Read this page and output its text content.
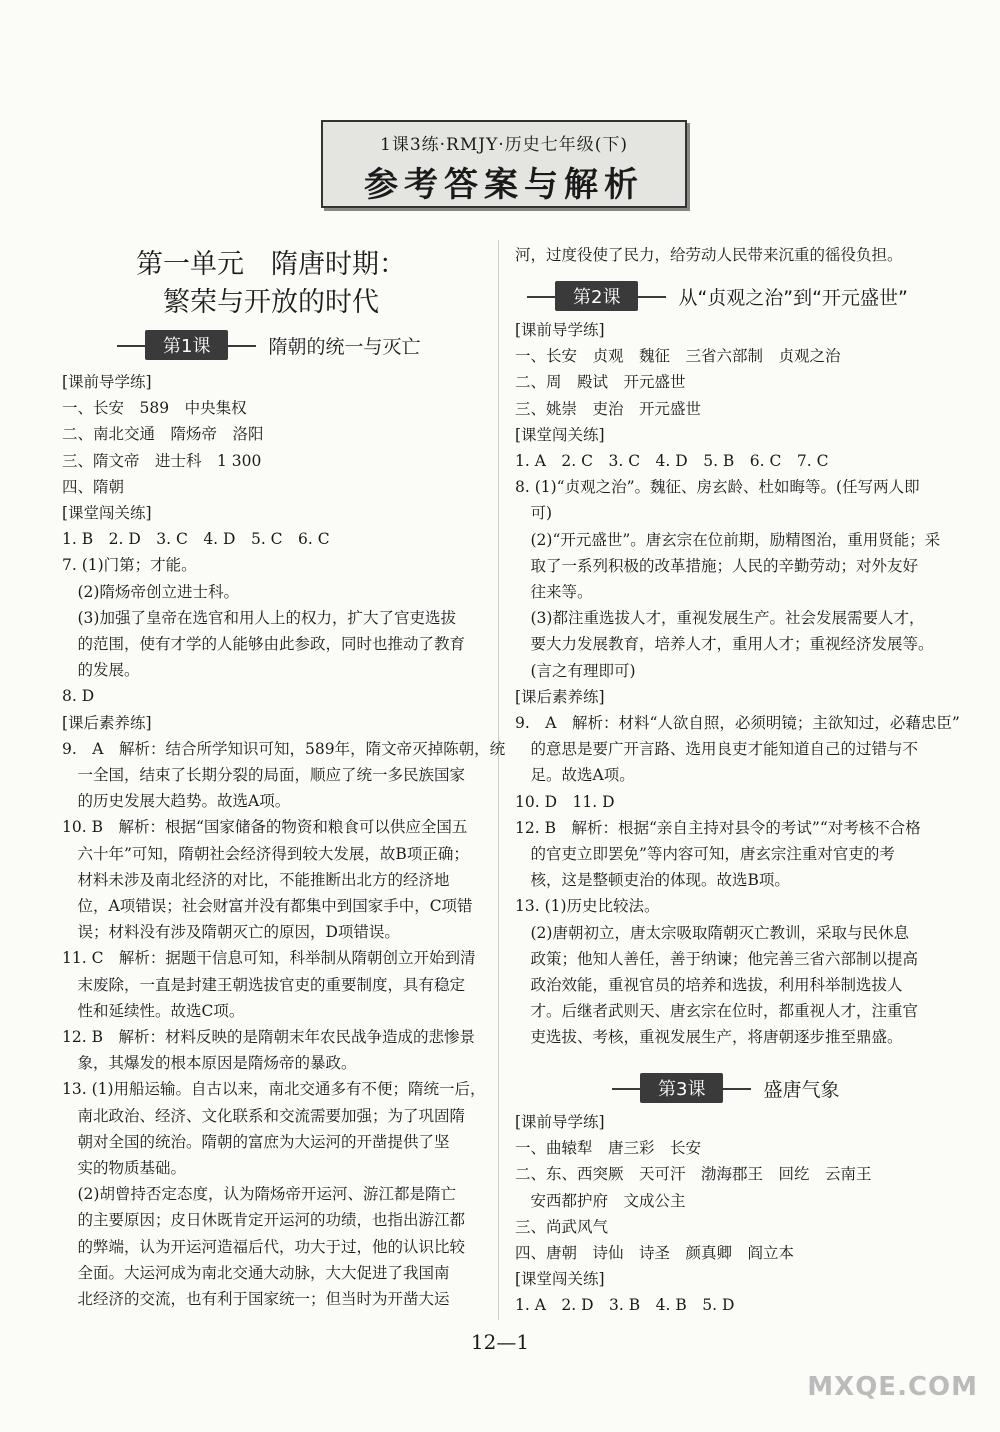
1课3练·RMJY·历史七年级(下)
参考答案与解析
第一单元　隋唐时期：
繁荣与开放的时代
第1课	隋朝的统一与灭亡
第2课	从“贞观之治”到“开元盛世”
第3课	盛唐气象
[课前导学练]
一、长安　589　中央集权
二、南北交通　隋炀帝　洛阳
三、隋文帝　进士科　1 300
四、隋朝
[课堂闯关练]
1. B　2. D　3. C　4. D　5. C　6. C
7. (1)门第；才能。
　(2)隋炀帝创立进士科。
　(3)加强了皇帝在选官和用人上的权力，扩大了官吏选拔
　的范围，使有才学的人能够由此参政，同时也推动了教育
　的发展。
8. D
[课后素养练]
9.　A　解析：结合所学知识可知，589年，隋文帝灭掉陈朝，统
　一全国，结束了长期分裂的局面，顺应了统一多民族国家
　的历史发展大趋势。故选A项。
10. B　解析：根据“国家储备的物资和粮食可以供应全国五
　六十年”可知，隋朝社会经济得到较大发展，故B项正确；
　材料未涉及南北经济的对比，不能推断出北方的经济地
　位，A项错误；社会财富并没有都集中到国家手中，C项错
　误；材料没有涉及隋朝灭亡的原因，D项错误。
11. C　解析：据题干信息可知，科举制从隋朝创立开始到清
　末废除，一直是封建王朝选拔官吏的重要制度，具有稳定
　性和延续性。故选C项。
12. B　解析：材料反映的是隋朝末年农民战争造成的悲惨景
　象，其爆发的根本原因是隋炀帝的暴政。
13. (1)用船运输。自古以来，南北交通多有不便；隋统一后，
　南北政治、经济、文化联系和交流需要加强；为了巩固隋
　朝对全国的统治。隋朝的富庶为大运河的开凿提供了坚
　实的物质基础。
　(2)胡曾持否定态度，认为隋炀帝开运河、游江都是隋亡
　的主要原因；皮日休既肯定开运河的功绩，也指出游江都
　的弊端，认为开运河造福后代，功大于过，他的认识比较
　全面。大运河成为南北交通大动脉，大大促进了我国南
　北经济的交流，也有利于国家统一；但当时为开凿大运
河，过度役使了民力，给劳动人民带来沉重的徭役负担。
[课前导学练]
一、长安　贞观　魏征　三省六部制　贞观之治
二、周　殿试　开元盛世
三、姚崇　吏治　开元盛世
[课堂闯关练]
1. A　2. C　3. C　4. D　5. B　6. C　7. C
8. (1)“贞观之治”。魏征、房玄龄、杜如晦等。(任写两人即
　可)
　(2)“开元盛世”。唐玄宗在位前期，励精图治，重用贤能；采
　取了一系列积极的改革措施；人民的辛勤劳动；对外友好
　往来等。
　(3)都注重选拔人才，重视发展生产。社会发展需要人才，
　要大力发展教育，培养人才，重用人才；重视经济发展等。
　(言之有理即可)
[课后素养练]
9.　A　解析：材料“人欲自照，必须明镜；主欲知过，必藉忠臣”
　的意思是要广开言路、选用良吏才能知道自己的过错与不
　足。故选A项。
10. D　11. D
12. B　解析：根据“亲自主持对县令的考试”“对考核不合格
　的官吏立即罢免”等内容可知，唐玄宗注重对官吏的考
　核，这是整顿吏治的体现。故选B项。
13. (1)历史比较法。
　(2)唐朝初立，唐太宗吸取隋朝灭亡教训，采取与民休息
　政策；他知人善任，善于纳谏；他完善三省六部制以提高
　政治效能，重视官员的培养和选拔，利用科举制选拔人
　才。后继者武则天、唐玄宗在位时，都重视人才，注重官
　吏选拔、考核，重视发展生产，将唐朝逐步推至鼎盛。
[课前导学练]
一、曲辕犁　唐三彩　长安
二、东、西突厥　天可汗　渤海郡王　回纥　云南王
　安西都护府　文成公主
三、尚武风气
四、唐朝　诗仙　诗圣　颜真卿　阎立本
[课堂闯关练]
1. A　2. D　3. B　4. B　5. D
12—1
MXQE.COM
